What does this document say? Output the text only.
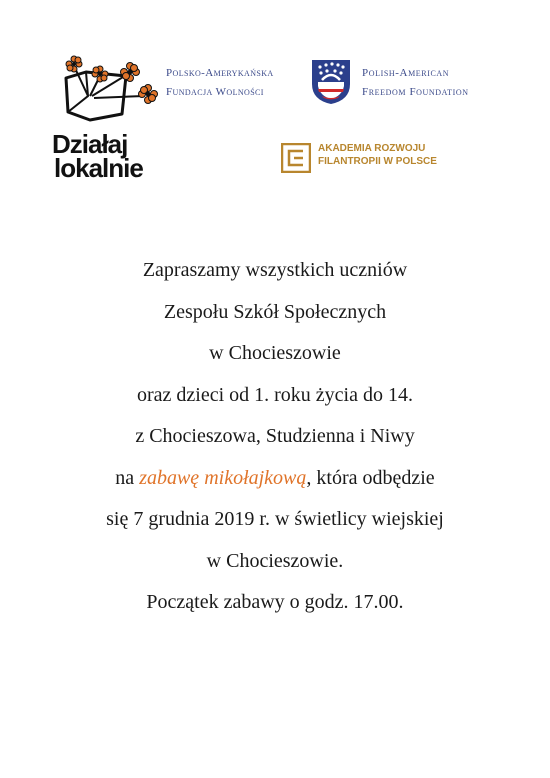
Działaj
lokalnie
Polsko-Amerykańska
Fundacja Wolności
Polish-American
Freedom Foundation
AKADEMIA ROZWOJU
FILANTROPII W POLSCE
Zapraszamy wszystkich uczniów
Zespołu Szkół Społecznych
w Chocieszowie
oraz dzieci od 1. roku życia do 14.
z Chocieszowa, Studzienna i Niwy
na zabawę mikołajkową, która odbędzie
się 7 grudnia 2019 r. w świetlicy wiejskiej
w Chocieszowie.
Początek zabawy o godz. 17.00.
